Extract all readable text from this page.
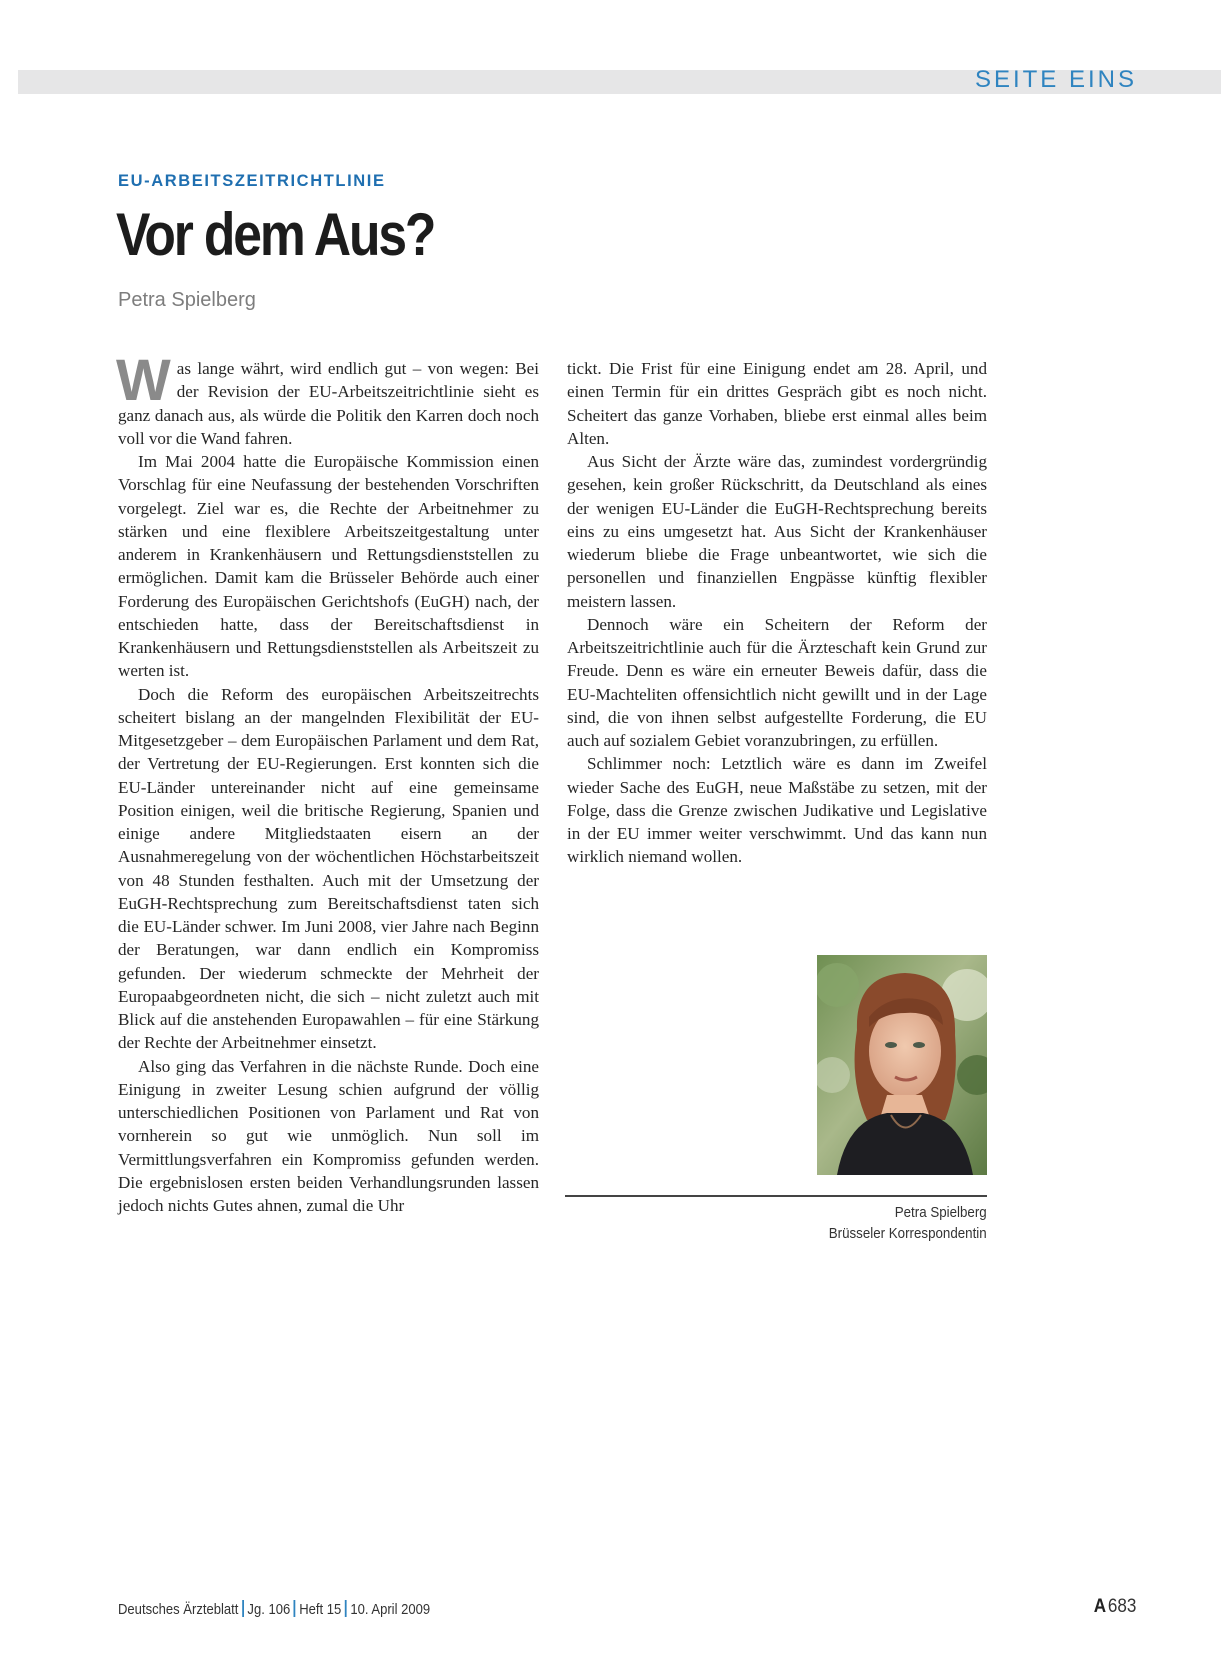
SEITE EINS
EU-ARBEITSZEITRICHTLINIE
Vor dem Aus?
Petra Spielberg

Was lange währt, wird endlich gut – von wegen: Bei der Revision der EU-Arbeitszeitrichtlinie sieht es ganz danach aus, als würde die Politik den Karren doch noch voll vor die Wand fahren.

Im Mai 2004 hatte die Europäische Kommission einen Vorschlag für eine Neufassung der bestehenden Vorschriften vorgelegt. Ziel war es, die Rechte der Arbeitnehmer zu stärken und eine flexiblere Arbeitszeitgestaltung unter anderem in Krankenhäusern und Rettungsdienststellen zu ermöglichen. Damit kam die Brüsseler Behörde auch einer Forderung des Europäischen Gerichtshofs (EuGH) nach, der entschieden hatte, dass der Bereitschaftsdienst in Krankenhäusern und Rettungsdienststellen als Arbeitszeit zu werten ist.

Doch die Reform des europäischen Arbeitszeitrechts scheitert bislang an der mangelnden Flexibilität der EU-Mitgesetzgeber – dem Europäischen Parlament und dem Rat, der Vertretung der EU-Regierungen. Erst konnten sich die EU-Länder untereinander nicht auf eine gemeinsame Position einigen, weil die britische Regierung, Spanien und einige andere Mitgliedstaaten eisern an der Ausnahmeregelung von der wöchentlichen Höchstarbeitszeit von 48 Stunden festhalten. Auch mit der Umsetzung der EuGH-Rechtsprechung zum Bereitschaftsdienst taten sich die EU-Länder schwer. Im Juni 2008, vier Jahre nach Beginn der Beratungen, war dann endlich ein Kompromiss gefunden. Der wiederum schmeckte der Mehrheit der Europaabgeordneten nicht, die sich – nicht zuletzt auch mit Blick auf die anstehenden Europawahlen – für eine Stärkung der Rechte der Arbeitnehmer einsetzt.

Also ging das Verfahren in die nächste Runde. Doch eine Einigung in zweiter Lesung schien aufgrund der völlig unterschiedlichen Positionen von Parlament und Rat von vornherein so gut wie unmöglich. Nun soll im Vermittlungsverfahren ein Kompromiss gefunden werden. Die ergebnislosen ersten beiden Verhandlungsrunden lassen jedoch nichts Gutes ahnen, zumal die Uhr

tickt. Die Frist für eine Einigung endet am 28. April, und einen Termin für ein drittes Gespräch gibt es noch nicht. Scheitert das ganze Vorhaben, bliebe erst einmal alles beim Alten.

Aus Sicht der Ärzte wäre das, zumindest vordergründig gesehen, kein großer Rückschritt, da Deutschland als eines der wenigen EU-Länder die EuGH-Rechtsprechung bereits eins zu eins umgesetzt hat. Aus Sicht der Krankenhäuser wiederum bliebe die Frage unbeantwortet, wie sich die personellen und finanziellen Engpässe künftig flexibler meistern lassen.

Dennoch wäre ein Scheitern der Reform der Arbeitszeitrichtlinie auch für die Ärzteschaft kein Grund zur Freude. Denn es wäre ein erneuter Beweis dafür, dass die EU-Machteliten offensichtlich nicht gewillt und in der Lage sind, die von ihnen selbst aufgestellte Forderung, die EU auch auf sozialem Gebiet voranzubringen, zu erfüllen.

Schlimmer noch: Letztlich wäre es dann im Zweifel wieder Sache des EuGH, neue Maßstäbe zu setzen, mit der Folge, dass die Grenze zwischen Judikative und Legislative in der EU immer weiter verschwimmt. Und das kann nun wirklich niemand wollen.

Petra Spielberg
Brüsseler Korrespondentin
Deutsches Ärzteblatt Jg. 106 Heft 15 10. April 2009	A683
